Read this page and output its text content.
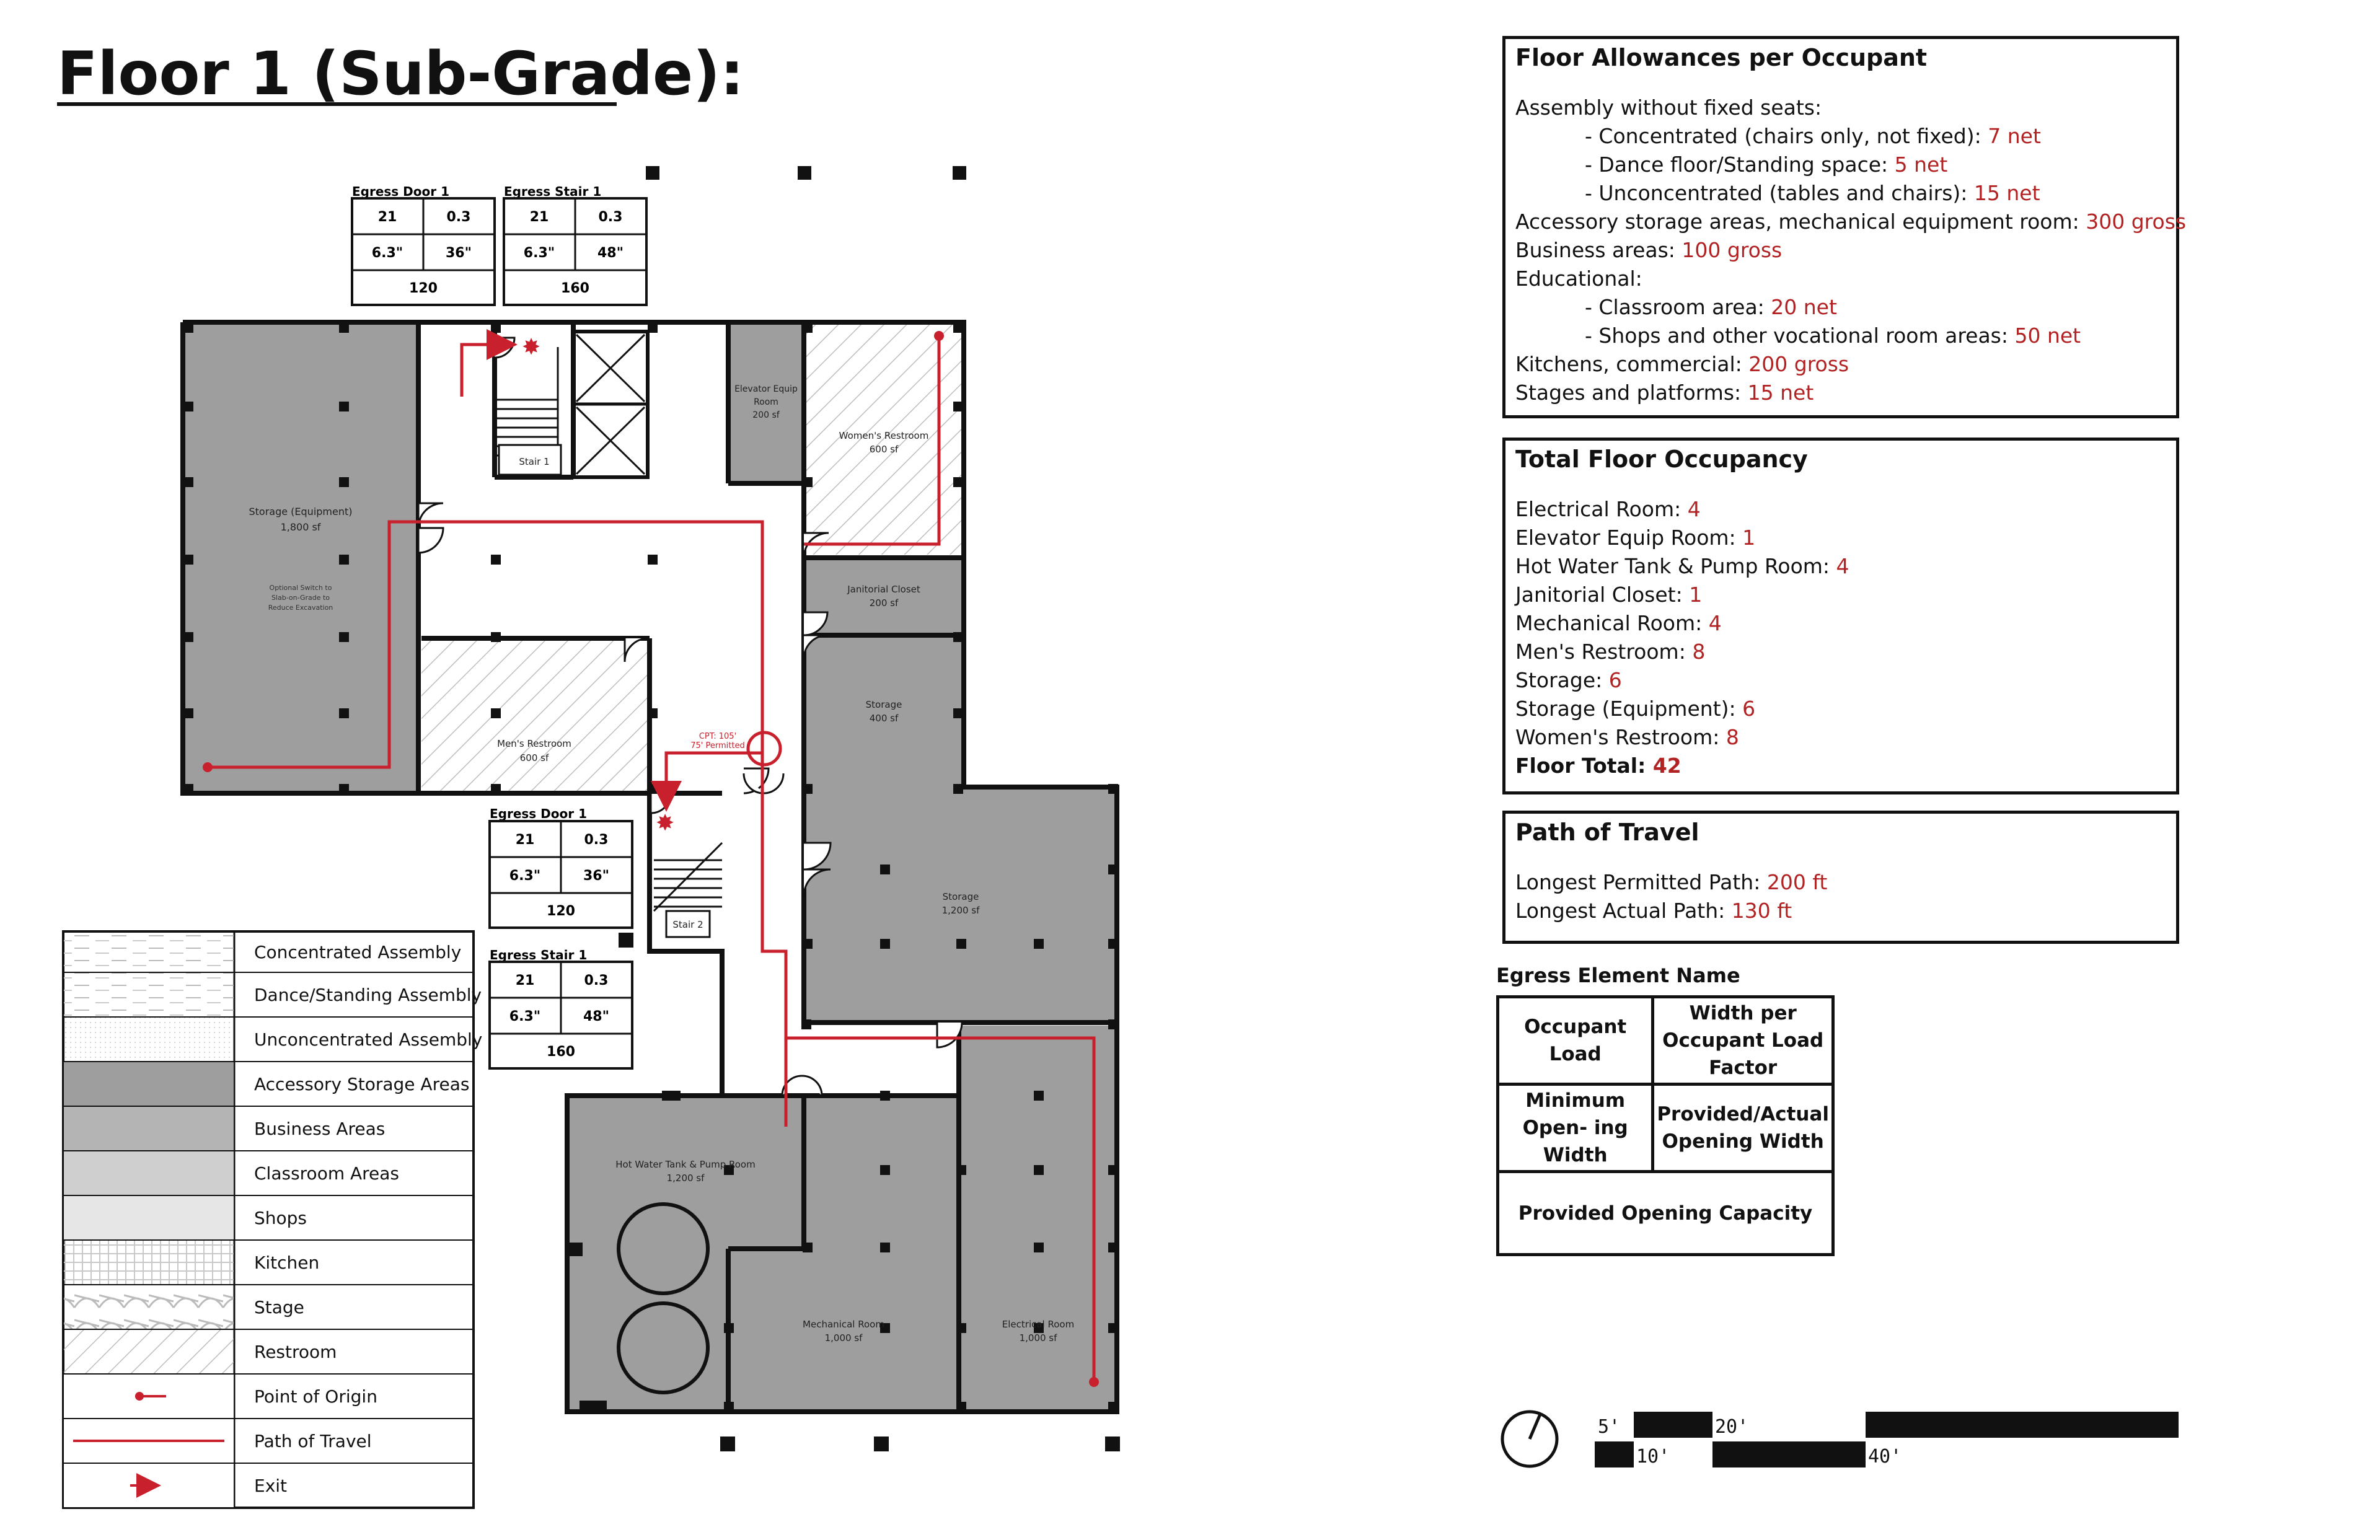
Floor 1 (Sub-Grade):
✸
✸
CPT: 105'
75' Permitted
Storage (Equipment)
1,800 sf
Optional Switch to
Slab-on-Grade to
Reduce Excavation
Stair 1
Stair 2
Elevator Equip
Room
200 sf
Women's Restroom
600 sf
Janitorial Closet
200 sf
Storage
400 sf
Men's Restroom
600 sf
Storage
1,200 sf
Hot Water Tank & Pump Room
1,200 sf
Mechanical Room
1,000 sf
Electrical Room
1,000 sf
Egress Door 1
21	0.3
6.3"	36"
120
Egress Stair 1
21	0.3
6.3"	48"
160
Egress Door 1
21	0.3
6.3"	36"
120
Egress Stair 1
21	0.3
6.3"	48"
160
Concentrated Assembly
Dance/Standing Assembly
Unconcentrated Assembly
Accessory Storage Areas
Business Areas
Classroom Areas
Shops
Kitchen
Stage
Restroom
Point of Origin
Path of Travel
Exit
5'
10'
20'
40'
Floor Allowances per Occupant
Assembly without fixed seats:
- Concentrated (chairs only, not fixed): 7 net
- Dance floor/Standing space: 5 net
- Unconcentrated (tables and chairs): 15 net
Accessory storage areas, mechanical equipment room: 300 gross
Business areas: 100 gross
Educational:
- Classroom area: 20 net
- Shops and other vocational room areas: 50 net
Kitchens, commercial: 200 gross
Stages and platforms: 15 net
Total Floor Occupancy
Electrical Room: 4
Elevator Equip Room: 1
Hot Water Tank & Pump Room: 4
Janitorial Closet: 1
Mechanical Room: 4
Men's Restroom: 8
Storage: 6
Storage (Equipment): 6
Women's Restroom: 8
Floor Total: 42
Path of Travel
Longest Permitted Path: 200 ft
Longest Actual Path: 130 ft
Egress Element Name
Occupant Load	Width per Occupant Load Factor
Minimum Open- ing Width	Provided/Actual Opening Width
Provided Opening Capacity	
